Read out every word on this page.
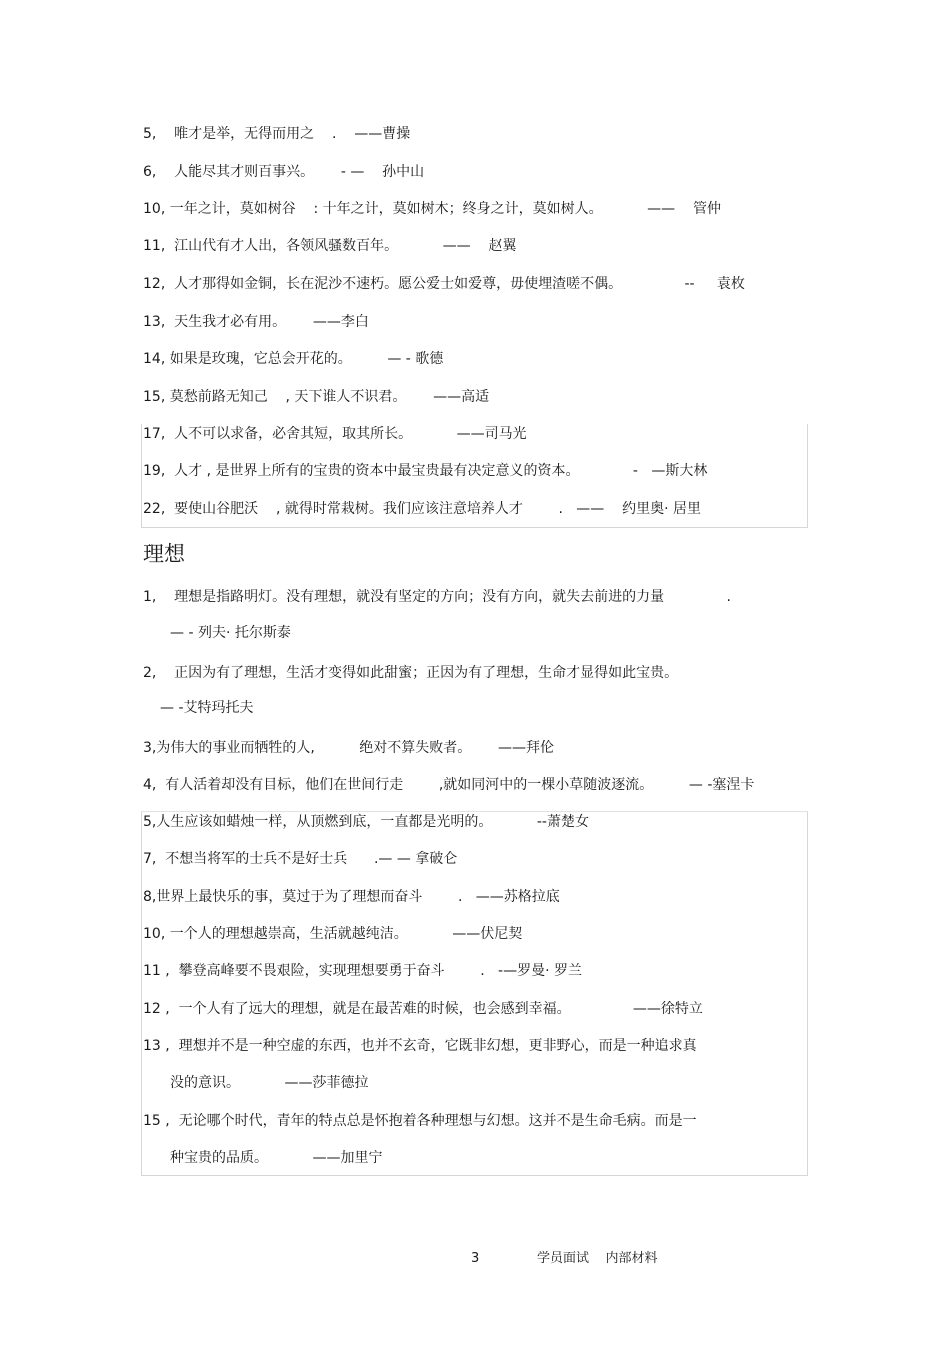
5,    唯才是举，无得而用之    .    ——曹操
6,    人能尽其才则百事兴。      - —    孙中山
10, 一年之计，莫如树谷    : 十年之计，莫如树木；终身之计，莫如树人。          ——    管仲
11,  江山代有才人出，各领风骚数百年。          ——    赵翼
12,  人才那得如金铜，长在泥沙不速朽。愿公爱士如爱尊，毋使埋渣嗟不偶。              --     袁枚
13,  天生我才必有用。      ——李白
14, 如果是玫瑰，它总会开花的。        — - 歌德
15, 莫愁前路无知己    , 天下谁人不识君。      ——高适
17,  人不可以求备，必舍其短，取其所长。          ——司马光
19,  人才 , 是世界上所有的宝贵的资本中最宝贵最有决定意义的资本。            -   —斯大林
22,  要使山谷肥沃    , 就得时常栽树。我们应该注意培养人才        .   ——    约里奥· 居里
理想
1,    理想是指路明灯。没有理想，就没有坚定的方向；没有方向，就失去前进的力量              .
— - 列夫· 托尔斯泰
2,    正因为有了理想，生活才变得如此甜蜜；正因为有了理想，生命才显得如此宝贵。
— -艾特玛托夫
3,为伟大的事业而牺牲的人,          绝对不算失败者。      ——拜伦
4,  有人活着却没有目标，他们在世间行走        ,就如同河中的一棵小草随波逐流。        — -塞涅卡
5,人生应该如蜡烛一样，从顶燃到底，一直都是光明的。          --萧楚女
7,  不想当将军的士兵不是好士兵      .— — 拿破仑
8,世界上最快乐的事，莫过于为了理想而奋斗        .   ——苏格拉底
10, 一个人的理想越崇高，生活就越纯洁。          ——伏尼契
11 ,  攀登高峰要不畏艰险，实现理想要勇于奋斗        .   -—罗曼· 罗兰
12 ,  一个人有了远大的理想，就是在最苦难的时候，也会感到幸福。              ——徐特立
13 ,  理想并不是一种空虚的东西，也并不玄奇，它既非幻想，更非野心，而是一种追求真
没的意识。          ——莎菲德拉
15 ,  无论哪个时代，青年的特点总是怀抱着各种理想与幻想。这并不是生命毛病。而是一
种宝贵的品质。          ——加里宁
3	学员面试    内部材料
